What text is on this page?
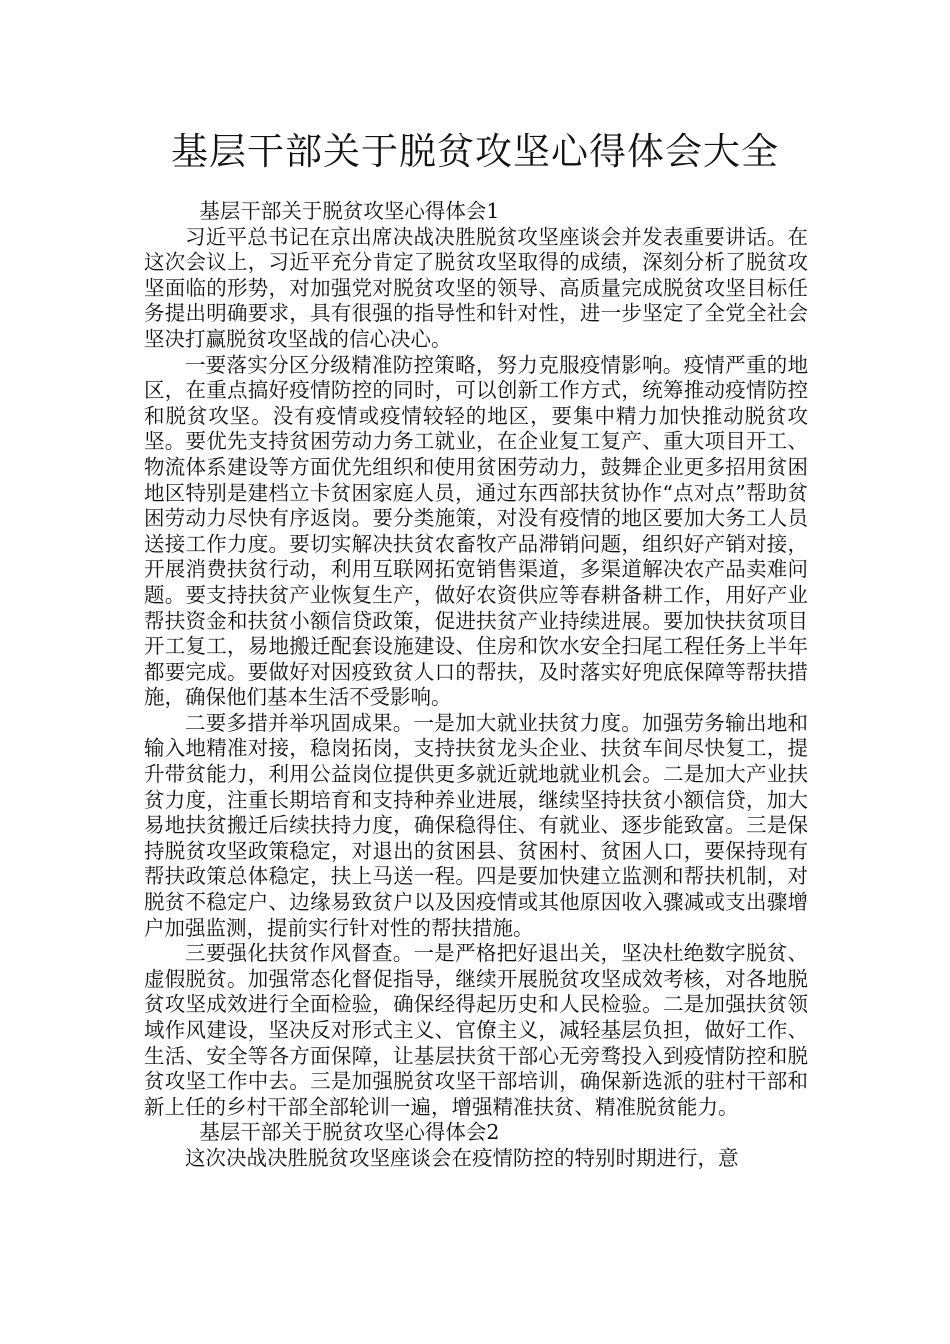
基层干部关于脱贫攻坚心得体会大全

基层干部关于脱贫攻坚心得体会1

习近平总书记在京出席决战决胜脱贫攻坚座谈会并发表重要讲话。在这次会议上，习近平充分肯定了脱贫攻坚取得的成绩，深刻分析了脱贫攻坚面临的形势，对加强党对脱贫攻坚的领导、高质量完成脱贫攻坚目标任务提出明确要求，具有很强的指导性和针对性，进一步坚定了全党全社会坚决打赢脱贫攻坚战的信心决心。

一要落实分区分级精准防控策略，努力克服疫情影响。疫情严重的地区，在重点搞好疫情防控的同时，可以创新工作方式，统筹推动疫情防控和脱贫攻坚。没有疫情或疫情较轻的地区，要集中精力加快推动脱贫攻坚。要优先支持贫困劳动力务工就业，在企业复工复产、重大项目开工、物流体系建设等方面优先组织和使用贫困劳动力，鼓舞企业更多招用贫困地区特别是建档立卡贫困家庭人员，通过东西部扶贫协作“点对点”帮助贫困劳动力尽快有序返岗。要分类施策，对没有疫情的地区要加大务工人员送接工作力度。要切实解决扶贫农畜牧产品滞销问题，组织好产销对接，开展消费扶贫行动，利用互联网拓宽销售渠道，多渠道解决农产品卖难问题。要支持扶贫产业恢复生产，做好农资供应等春耕备耕工作，用好产业帮扶资金和扶贫小额信贷政策，促进扶贫产业持续进展。要加快扶贫项目开工复工，易地搬迁配套设施建设、住房和饮水安全扫尾工程任务上半年都要完成。要做好对因疫致贫人口的帮扶，及时落实好兜底保障等帮扶措施，确保他们基本生活不受影响。

二要多措并举巩固成果。一是加大就业扶贫力度。加强劳务输出地和输入地精准对接，稳岗拓岗，支持扶贫龙头企业、扶贫车间尽快复工，提升带贫能力，利用公益岗位提供更多就近就地就业机会。二是加大产业扶贫力度，注重长期培育和支持种养业进展，继续坚持扶贫小额信贷，加大易地扶贫搬迁后续扶持力度，确保稳得住、有就业、逐步能致富。三是保持脱贫攻坚政策稳定，对退出的贫困县、贫困村、贫困人口，要保持现有帮扶政策总体稳定，扶上马送一程。四是要加快建立监测和帮扶机制，对脱贫不稳定户、边缘易致贫户以及因疫情或其他原因收入骤减或支出骤增户加强监测，提前实行针对性的帮扶措施。

三要强化扶贫作风督查。一是严格把好退出关，坚决杜绝数字脱贫、虚假脱贫。加强常态化督促指导，继续开展脱贫攻坚成效考核，对各地脱贫攻坚成效进行全面检验，确保经得起历史和人民检验。二是加强扶贫领域作风建设，坚决反对形式主义、官僚主义，减轻基层负担，做好工作、生活、安全等各方面保障，让基层扶贫干部心无旁骛投入到疫情防控和脱贫攻坚工作中去。三是加强脱贫攻坚干部培训，确保新选派的驻村干部和新上任的乡村干部全部轮训一遍，增强精准扶贫、精准脱贫能力。

基层干部关于脱贫攻坚心得体会2

这次决战决胜脱贫攻坚座谈会在疫情防控的特别时期进行，意
